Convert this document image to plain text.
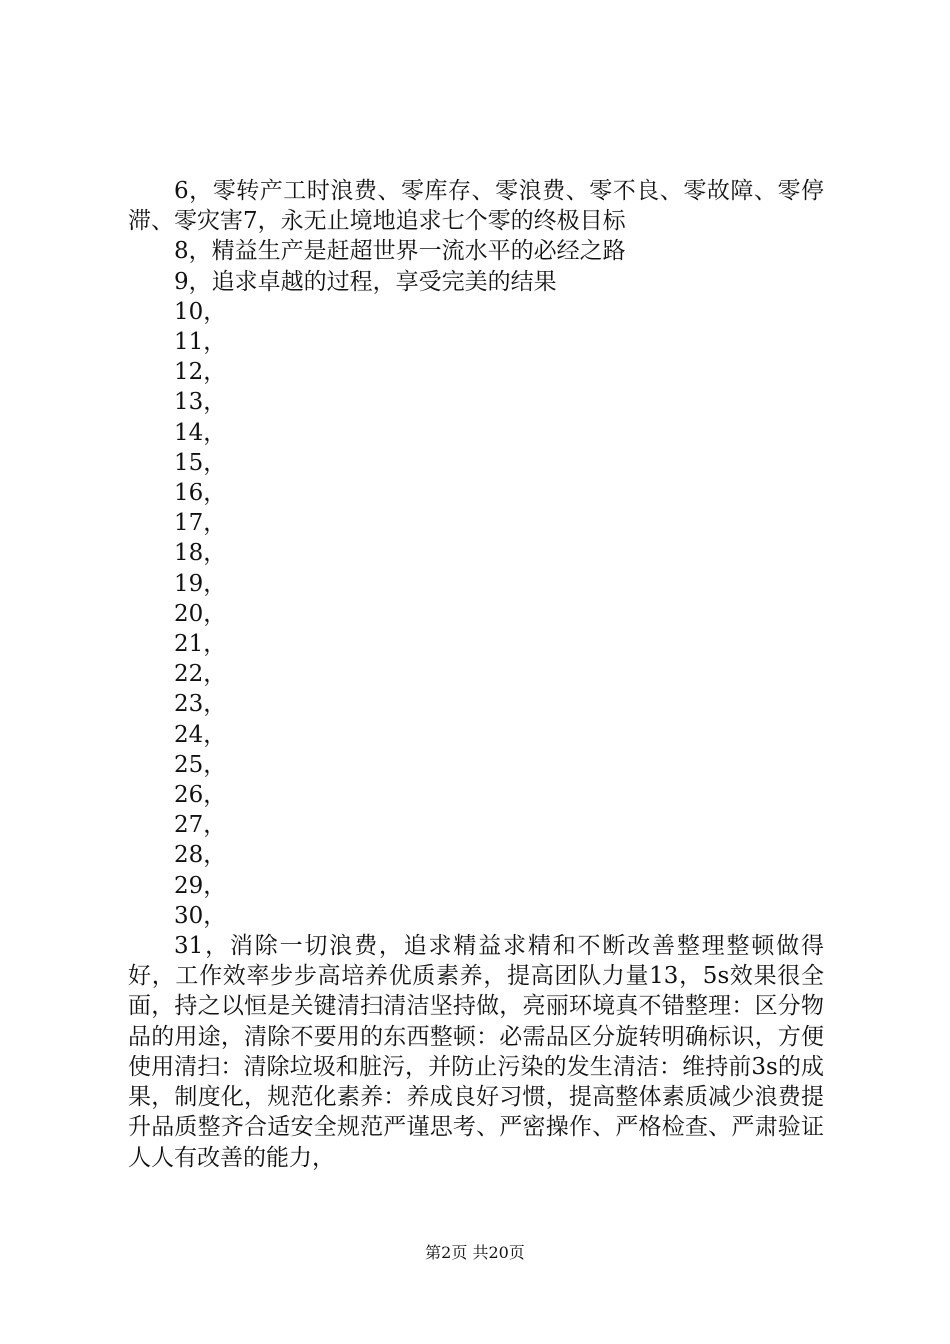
6，零转产工时浪费、零库存、零浪费、零不良、零故障、零停滞、零灾害7，永无止境地追求七个零的终极目标

8，精益生产是赶超世界一流水平的必经之路

9，追求卓越的过程，享受完美的结果

10，

11，

12，

13，

14，

15，

16，

17，

18，

19，

20，

21，

22，

23，

24，

25，

26，

27，

28，

29，

30，

31，消除一切浪费，追求精益求精和不断改善整理整顿做得好，工作效率步步高培养优质素养，提高团队力量13，5s效果很全面，持之以恒是关键清扫清洁坚持做，亮丽环境真不错整理：区分物品的用途，清除不要用的东西整顿：必需品区分旋转明确标识，方便使用清扫：清除垃圾和脏污，并防止污染的发生清洁：维持前3s的成果，制度化，规范化素养：养成良好习惯，提高整体素质减少浪费提升品质整齐合适安全规范严谨思考、严密操作、严格检查、严肃验证人人有改善的能力，

第2页 共20页
